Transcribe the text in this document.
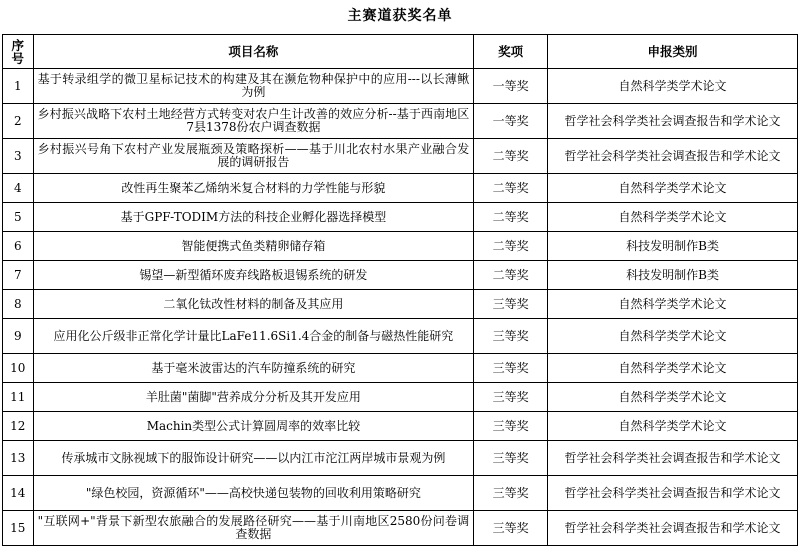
主赛道获奖名单
序号	项目名称	奖项	申报类别
1	基于转录组学的微卫星标记技术的构建及其在濒危物种保护中的应用---以长薄鳅为例	一等奖	自然科学类学术论文
2	乡村振兴战略下农村土地经营方式转变对农户生计改善的效应分析--基于西南地区7县1378份农户调查数据	一等奖	哲学社会科学类社会调查报告和学术论文
3	乡村振兴号角下农村产业发展瓶颈及策略探析——基于川北农村水果产业融合发展的调研报告	二等奖	哲学社会科学类社会调查报告和学术论文
4	改性再生聚苯乙烯纳米复合材料的力学性能与形貌	二等奖	自然科学类学术论文
5	基于GPF-TODIM方法的科技企业孵化器选择模型	二等奖	自然科学类学术论文
6	智能便携式鱼类精卵储存箱	二等奖	科技发明制作B类
7	锡望—新型循环废弃线路板退锡系统的研发	二等奖	科技发明制作B类
8	二氧化钛改性材料的制备及其应用	三等奖	自然科学类学术论文
9	应用化公斤级非正常化学计量比LaFe11.6Si1.4合金的制备与磁热性能研究	三等奖	自然科学类学术论文
10	基于毫米波雷达的汽车防撞系统的研究	三等奖	自然科学类学术论文
11	羊肚菌"菌脚"营养成分分析及其开发应用	三等奖	自然科学类学术论文
12	Machin类型公式计算圆周率的效率比较	三等奖	自然科学类学术论文
13	传承城市文脉视域下的服饰设计研究——以内江市沱江两岸城市景观为例	三等奖	哲学社会科学类社会调查报告和学术论文
14	"绿色校园，资源循环"——高校快递包装物的回收利用策略研究	三等奖	哲学社会科学类社会调查报告和学术论文
15	"互联网+"背景下新型农旅融合的发展路径研究——基于川南地区2580份问卷调查数据	三等奖	哲学社会科学类社会调查报告和学术论文
